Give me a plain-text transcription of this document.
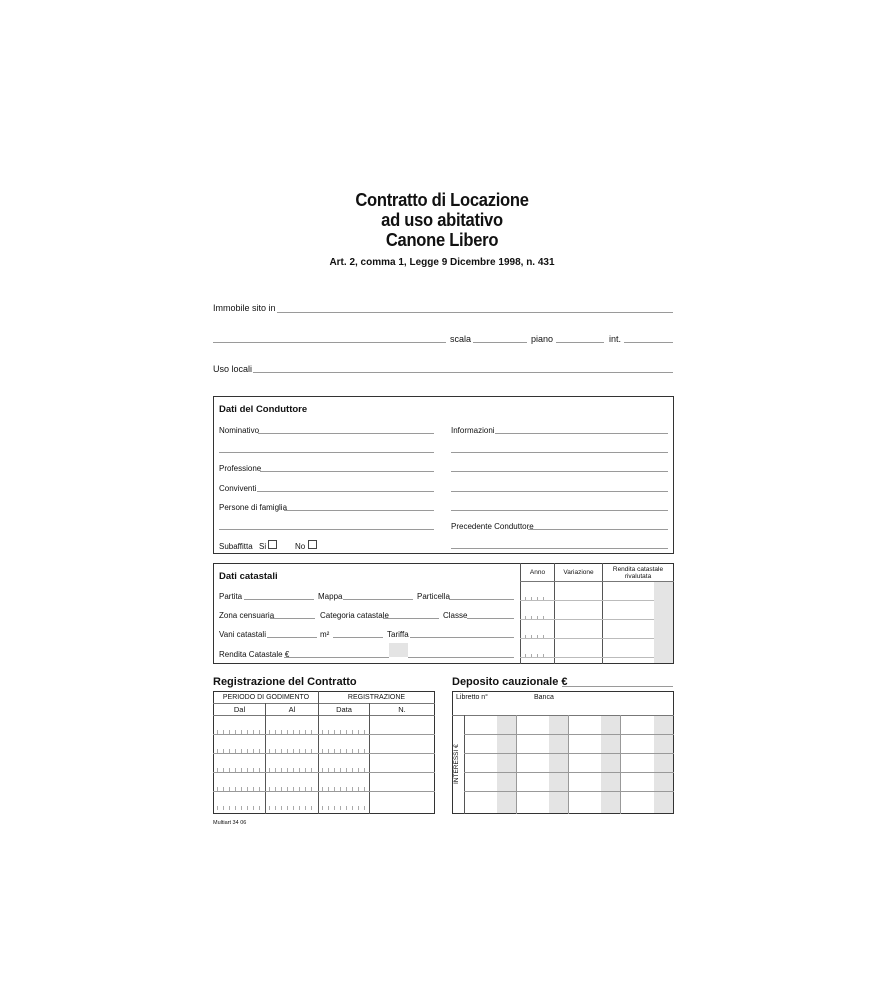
Contratto di Locazione
ad uso abitativo
Canone Libero
Art. 2, comma 1, Legge 9 Dicembre 1998, n. 431
Immobile sito in
scala	piano	int.
Uso locali
Dati del Conduttore
Nominativo	Informazioni
Professione
Conviventi
Persone di famiglia
Precedente Conduttore
Subaffitta Si	No
Dati catastali	Anno	Variazione	Rendita catastale
rivalutata
Partita	Mappa	Particella
Zona censuaria	Categoria catastale	Classe
Vani catastali	m²	Tariffa
Rendita Catastale €
Registrazione del Contratto
PERIODO DI GODIMENTO	REGISTRAZIONE
Dal	Al	Data	N.
Deposito cauzionale €
Libretto n°	Banca
INTERESSI €
Multiart 34 06
